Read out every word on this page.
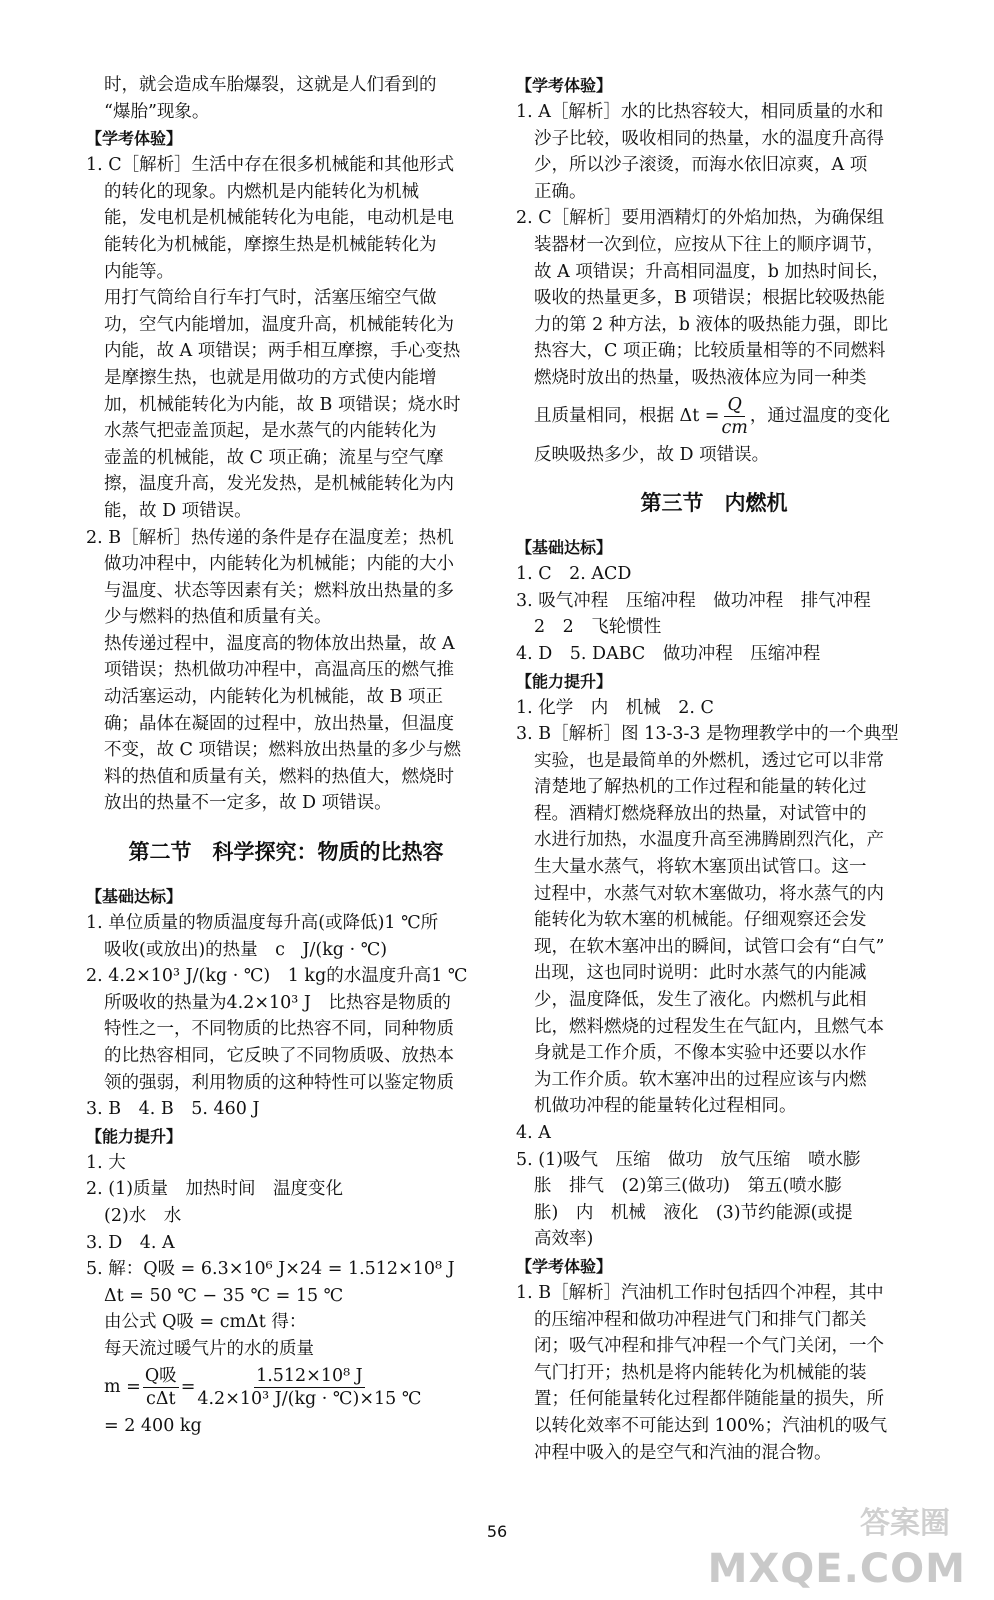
时，就会造成车胎爆裂，这就是人们看到的
“爆胎”现象。
【学考体验】
1. C［解析］生活中存在很多机械能和其他形式
的转化的现象。内燃机是内能转化为机械
能，发电机是机械能转化为电能，电动机是电
能转化为机械能，摩擦生热是机械能转化为
内能等。
用打气筒给自行车打气时，活塞压缩空气做
功，空气内能增加，温度升高，机械能转化为
内能，故 A 项错误；两手相互摩擦，手心变热
是摩擦生热，也就是用做功的方式使内能增
加，机械能转化为内能，故 B 项错误；烧水时
水蒸气把壶盖顶起，是水蒸气的内能转化为
壶盖的机械能，故 C 项正确；流星与空气摩
擦，温度升高，发光发热，是机械能转化为内
能，故 D 项错误。
2. B［解析］热传递的条件是存在温度差；热机
做功冲程中，内能转化为机械能；内能的大小
与温度、状态等因素有关；燃料放出热量的多
少与燃料的热值和质量有关。
热传递过程中，温度高的物体放出热量，故 A
项错误；热机做功冲程中，高温高压的燃气推
动活塞运动，内能转化为机械能，故 B 项正
确；晶体在凝固的过程中，放出热量，但温度
不变，故 C 项错误；燃料放出热量的多少与燃
料的热值和质量有关，燃料的热值大，燃烧时
放出的热量不一定多，故 D 项错误。
第二节　科学探究：物质的比热容
【基础达标】
1. 单位质量的物质温度每升高(或降低)1 ℃所
吸收(或放出)的热量　c　J/(kg · ℃)
2. 4.2×10³ J/(kg · ℃)　1 kg的水温度升高1 ℃
所吸收的热量为4.2×10³ J　比热容是物质的
特性之一，不同物质的比热容不同，同种物质
的比热容相同，它反映了不同物质吸、放热本
领的强弱，利用物质的这种特性可以鉴定物质
3. B　4. B　5. 460 J
【能力提升】
1. 大
2. (1)质量　加热时间　温度变化
(2)水　水
3. D　4. A
5. 解：Q吸 = 6.3×10⁶ J×24 = 1.512×10⁸ J
Δt = 50 ℃ − 35 ℃ = 15 ℃
由公式 Q吸 = cmΔt 得：
每天流过暖气片的水的质量
m =
Q吸
cΔt
= $\frac{\text{1.512×10⁸ J}}{\text{4.2×10³ J/(kg · ℃)×15 ℃}}$
= 2 400 kg
【学考体验】
1. A［解析］水的比热容较大，相同质量的水和
沙子比较，吸收相同的热量，水的温度升高得
少，所以沙子滚烫，而海水依旧凉爽，A 项
正确。
2. C［解析］要用酒精灯的外焰加热，为确保组
装器材一次到位，应按从下往上的顺序调节，
故 A 项错误；升高相同温度，b 加热时间长，
吸收的热量更多，B 项错误；根据比较吸热能
力的第 2 种方法，b 液体的吸热能力强，即比
热容大，C 项正确；比较质量相等的不同燃料
燃烧时放出的热量，吸热液体应为同一种类
且质量相同，根据 $\Delta t = \frac{Q}{cm}$ ，通过温度的变化
反映吸热多少，故 D 项错误。
第三节　内燃机
【基础达标】
1. C　2. ACD
3. 吸气冲程　压缩冲程　做功冲程　排气冲程
2　2　飞轮惯性
4. D　5. DABC　做功冲程　压缩冲程
【能力提升】
1. 化学　内　机械　2. C
3. B［解析］图 13-3-3 是物理教学中的一个典型
实验，也是最简单的外燃机，透过它可以非常
清楚地了解热机的工作过程和能量的转化过
程。酒精灯燃烧释放出的热量，对试管中的
水进行加热，水温度升高至沸腾剧烈汽化，产
生大量水蒸气，将软木塞顶出试管口。这一
过程中，水蒸气对软木塞做功，将水蒸气的内
能转化为软木塞的机械能。仔细观察还会发
现，在软木塞冲出的瞬间，试管口会有“白气”
出现，这也同时说明：此时水蒸气的内能减
少，温度降低，发生了液化。内燃机与此相
比，燃料燃烧的过程发生在气缸内，且燃气本
身就是工作介质，不像本实验中还要以水作
为工作介质。软木塞冲出的过程应该与内燃
机做功冲程的能量转化过程相同。
4. A
5. (1)吸气　压缩　做功　放气压缩　喷水膨
胀　排气　(2)第三(做功)　第五(喷水膨
胀)　内　机械　液化　(3)节约能源(或提
高效率)
【学考体验】
1. B［解析］汽油机工作时包括四个冲程，其中
的压缩冲程和做功冲程进气门和排气门都关
闭；吸气冲程和排气冲程一个气门关闭，一个
气门打开；热机是将内能转化为机械能的装
置；任何能量转化过程都伴随能量的损失，所
以转化效率不可能达到 100%；汽油机的吸气
冲程中吸入的是空气和汽油的混合物。
56	答案圈
MXQE.COM
